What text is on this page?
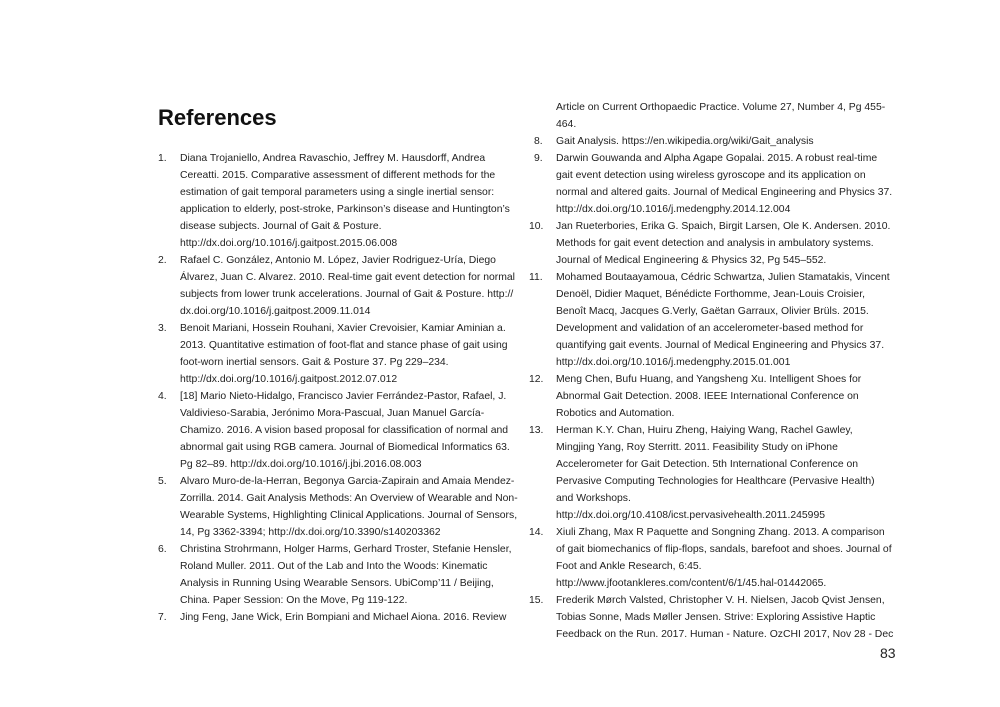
References
1. Diana Trojaniello, Andrea Ravaschio, Jeffrey M. Hausdorff, Andrea Cereatti. 2015. Comparative assessment of different methods for the estimation of gait temporal parameters using a single inertial sensor: application to elderly, post-stroke, Parkinson’s disease and Huntington’s disease subjects. Journal of Gait & Posture. http://dx.doi.org/10.1016/j.gaitpost.2015.06.008
2. Rafael C. González, Antonio M. López, Javier Rodriguez-Uría, Diego Álvarez, Juan C. Alvarez. 2010. Real-time gait event detection for normal subjects from lower trunk accelerations. Journal of Gait & Posture. http:// dx.doi.org/10.1016/j.gaitpost.2009.11.014
3. Benoit Mariani, Hossein Rouhani, Xavier Crevoisier, Kamiar Aminian a. 2013. Quantitative estimation of foot-flat and stance phase of gait using foot-worn inertial sensors. Gait & Posture 37. Pg 229–234. http://dx.doi.org/10.1016/j.gaitpost.2012.07.012
4. [18] Mario Nieto-Hidalgo, Francisco Javier Ferrández-Pastor, Rafael, J. Valdivieso-Sarabia, Jerónimo Mora-Pascual, Juan Manuel García-Chamizo. 2016. A vision based proposal for classification of normal and abnormal gait using RGB camera. Journal of Biomedical Informatics 63. Pg 82–89. http://dx.doi.org/10.1016/j.jbi.2016.08.003
5. Alvaro Muro-de-la-Herran, Begonya Garcia-Zapirain and Amaia Mendez-Zorrilla. 2014. Gait Analysis Methods: An Overview of Wearable and Non-Wearable Systems, Highlighting Clinical Applications. Journal of Sensors, 14, Pg 3362-3394; http://dx.doi.org/10.3390/s140203362
6. Christina Strohrmann, Holger Harms, Gerhard Troster, Stefanie Hensler, Roland Muller. 2011. Out of the Lab and Into the Woods: Kinematic Analysis in Running Using Wearable Sensors. UbiComp’11 / Beijing, China. Paper Session: On the Move, Pg 119-122.
7. Jing Feng, Jane Wick, Erin Bompiani and Michael Aiona. 2016. Review
Article on Current Orthopaedic Practice. Volume 27, Number 4, Pg 455-464.
8. Gait Analysis. https://en.wikipedia.org/wiki/Gait_analysis
9. Darwin Gouwanda and Alpha Agape Gopalai. 2015. A robust real-time gait event detection using wireless gyroscope and its application on normal and altered gaits. Journal of Medical Engineering and Physics 37. http://dx.doi.org/10.1016/j.medengphy.2014.12.004
10. Jan Rueterbories, Erika G. Spaich, Birgit Larsen, Ole K. Andersen. 2010. Methods for gait event detection and analysis in ambulatory systems. Journal of Medical Engineering & Physics 32, Pg 545–552.
11. Mohamed Boutaayamoua, Cédric Schwartza, Julien Stamatakis, Vincent Denoël, Didier Maquet, Bénédicte Forthomme, Jean-Louis Croisier, Benoît Macq, Jacques G.Verly, Gaëtan Garraux, Olivier Brüls. 2015. Development and validation of an accelerometer-based method for quantifying gait events. Journal of Medical Engineering and Physics 37. http://dx.doi.org/10.1016/j.medengphy.2015.01.001
12. Meng Chen, Bufu Huang, and Yangsheng Xu. Intelligent Shoes for Abnormal Gait Detection. 2008. IEEE International Conference on Robotics and Automation.
13. Herman K.Y. Chan, Huiru Zheng, Haiying Wang, Rachel Gawley, Mingjing Yang, Roy Sterritt. 2011. Feasibility Study on iPhone Accelerometer for Gait Detection. 5th International Conference on Pervasive Computing Technologies for Healthcare (Pervasive Health) and Workshops. http://dx.doi.org/10.4108/icst.pervasivehealth.2011.245995
14. Xiuli Zhang, Max R Paquette and Songning Zhang. 2013. A comparison of gait biomechanics of flip-flops, sandals, barefoot and shoes. Journal of Foot and Ankle Research, 6:45. http://www.jfootankleres.com/content/6/1/45.hal-01442065.
15. Frederik Mørch Valsted, Christopher V. H. Nielsen, Jacob Qvist Jensen, Tobias Sonne, Mads Møller Jensen. Strive: Exploring Assistive Haptic Feedback on the Run. 2017. Human - Nature. OzCHI 2017, Nov 28 - Dec
83
